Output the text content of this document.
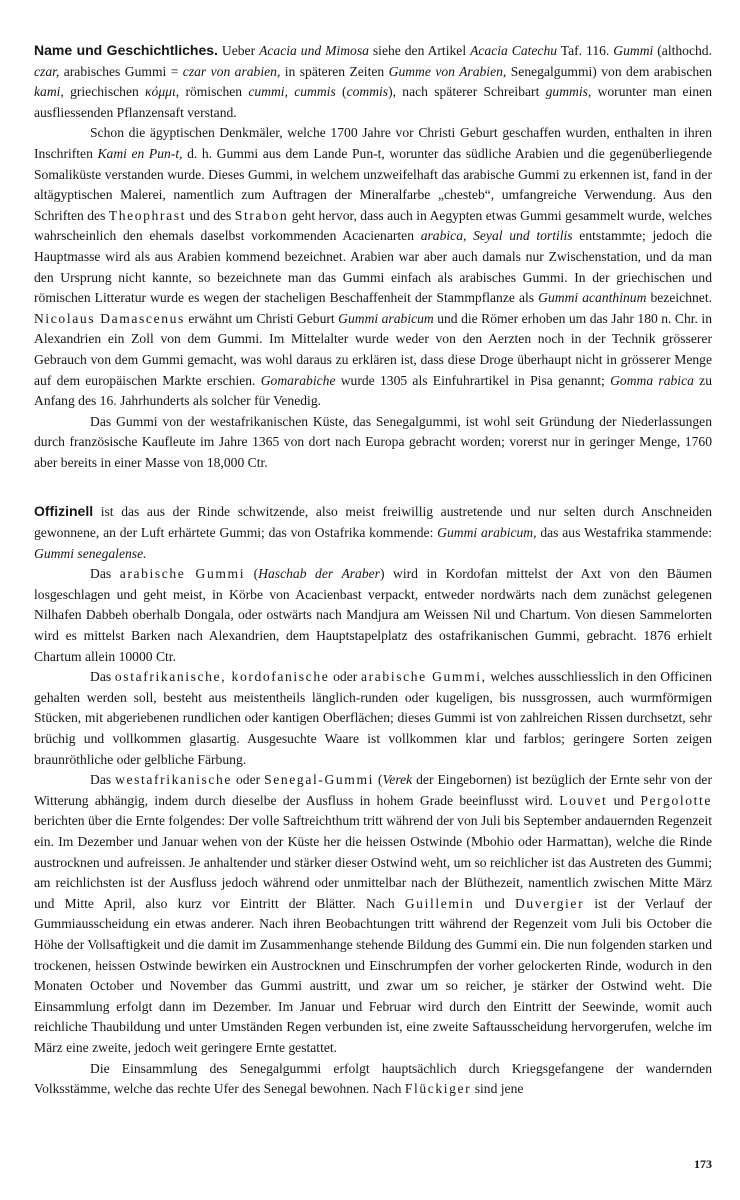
Name und Geschichtliches. Ueber Acacia und Mimosa siehe den Artikel Acacia Catechu Taf. 116. Gummi (althochd. czar, arabisches Gummi = czar von arabien, in späteren Zeiten Gumme von Arabien, Senegalgummi) von dem arabischen kami, griechischen κόμμι, römischen cummi, cummis (commis), nach späterer Schreibart gummis, worunter man einen ausfliessenden Pflanzensaft verstand.

Schon die ägyptischen Denkmäler, welche 1700 Jahre vor Christi Geburt geschaffen wurden, enthalten in ihren Inschriften Kami en Pun-t, d. h. Gummi aus dem Lande Pun-t, worunter das südliche Arabien und die gegenüberliegende Somaliküste verstanden wurde. Dieses Gummi, in welchem unzweifelhaft das arabische Gummi zu erkennen ist, fand in der altägyptischen Malerei, namentlich zum Auftragen der Mineralfarbe „chesteb“, umfangreiche Verwendung. Aus den Schriften des Theophrast und des Strabon geht hervor, dass auch in Aegypten etwas Gummi gesammelt wurde, welches wahrscheinlich den ehemals daselbst vorkommenden Acacienarten arabica, Seyal und tortilis entstammte; jedoch die Hauptmasse wird als aus Arabien kommend bezeichnet. Arabien war aber auch damals nur Zwischenstation, und da man den Ursprung nicht kannte, so bezeichnete man das Gummi einfach als arabisches Gummi. In der griechischen und römischen Litteratur wurde es wegen der stacheligen Beschaffenheit der Stammpflanze als Gummi acanthinum bezeichnet. Nicolaus Damascenus erwähnt um Christi Geburt Gummi arabicum und die Römer erhoben um das Jahr 180 n. Chr. in Alexandrien ein Zoll von dem Gummi. Im Mittelalter wurde weder von den Aerzten noch in der Technik grösserer Gebrauch von dem Gummi gemacht, was wohl daraus zu erklären ist, dass diese Droge überhaupt nicht in grösserer Menge auf dem europäischen Markte erschien. Gomarabiche wurde 1305 als Einfuhrartikel in Pisa genannt; Gomma rabica zu Anfang des 16. Jahrhunderts als solcher für Venedig.

Das Gummi von der westafrikanischen Küste, das Senegalgummi, ist wohl seit Gründung der Niederlassungen durch französische Kaufleute im Jahre 1365 von dort nach Europa gebracht worden; vorerst nur in geringer Menge, 1760 aber bereits in einer Masse von 18,000 Ctr.

Offizinell ist das aus der Rinde schwitzende, also meist freiwillig austretende und nur selten durch Anschneiden gewonnene, an der Luft erhärtete Gummi; das von Ostafrika kommende: Gummi arabicum, das aus Westafrika stammende: Gummi senegalense.

Das arabische Gummi (Haschab der Araber) wird in Kordofan mittelst der Axt von den Bäumen losgeschlagen und geht meist, in Körbe von Acacienbast verpackt, entweder nordwärts nach dem zunächst gelegenen Nilhafen Dabbeh oberhalb Dongala, oder ostwärts nach Mandjura am Weissen Nil und Chartum. Von diesen Sammelorten wird es mittelst Barken nach Alexandrien, dem Hauptstapelplatz des ostafrikanischen Gummi, gebracht. 1876 erhielt Chartum allein 10000 Ctr.

Das ostafrikanische, kordofanische oder arabische Gummi, welches ausschliesslich in den Officinen gehalten werden soll, besteht aus meistentheils länglich-runden oder kugeligen, bis nussgrossen, auch wurmförmigen Stücken, mit abgeriebenen rundlichen oder kantigen Oberflächen; dieses Gummi ist von zahlreichen Rissen durchsetzt, sehr brüchig und vollkommen glasartig. Ausgesuchte Waare ist vollkommen klar und farblos; geringere Sorten zeigen braunröthliche oder gelbliche Färbung.

Das westafrikanische oder Senegal-Gummi (Verek der Eingebornen) ist bezüglich der Ernte sehr von der Witterung abhängig, indem durch dieselbe der Ausfluss in hohem Grade beeinflusst wird. Louvet und Pergolotte berichten über die Ernte folgendes: Der volle Saftreichthum tritt während der von Juli bis September andauernden Regenzeit ein. Im Dezember und Januar wehen von der Küste her die heissen Ostwinde (Mbohio oder Harmattan), welche die Rinde austrocknen und aufreissen. Je anhaltender und stärker dieser Ostwind weht, um so reichlicher ist das Austreten des Gummi; am reichlichsten ist der Ausfluss jedoch während oder unmittelbar nach der Blüthezeit, namentlich zwischen Mitte März und Mitte April, also kurz vor Eintritt der Blätter. Nach Guillemin und Duvergier ist der Verlauf der Gummiausscheidung ein etwas anderer. Nach ihren Beobachtungen tritt während der Regenzeit vom Juli bis October die Höhe der Vollsaftigkeit und die damit im Zusammenhange stehende Bildung des Gummi ein. Die nun folgenden starken und trockenen, heissen Ostwinde bewirken ein Austrocknen und Einschrumpfen der vorher gelockerten Rinde, wodurch in den Monaten October und November das Gummi austritt, und zwar um so reicher, je stärker der Ostwind weht. Die Einsammlung erfolgt dann im Dezember. Im Januar und Februar wird durch den Eintritt der Seewinde, womit auch reichliche Thaubildung und unter Umständen Regen verbunden ist, eine zweite Saftausscheidung hervorgerufen, welche im März eine zweite, jedoch weit geringere Ernte gestattet.

Die Einsammlung des Senegalgummi erfolgt hauptsächlich durch Kriegsgefangene der wandernden Volksstämme, welche das rechte Ufer des Senegal bewohnen. Nach Flückiger sind jene

173
